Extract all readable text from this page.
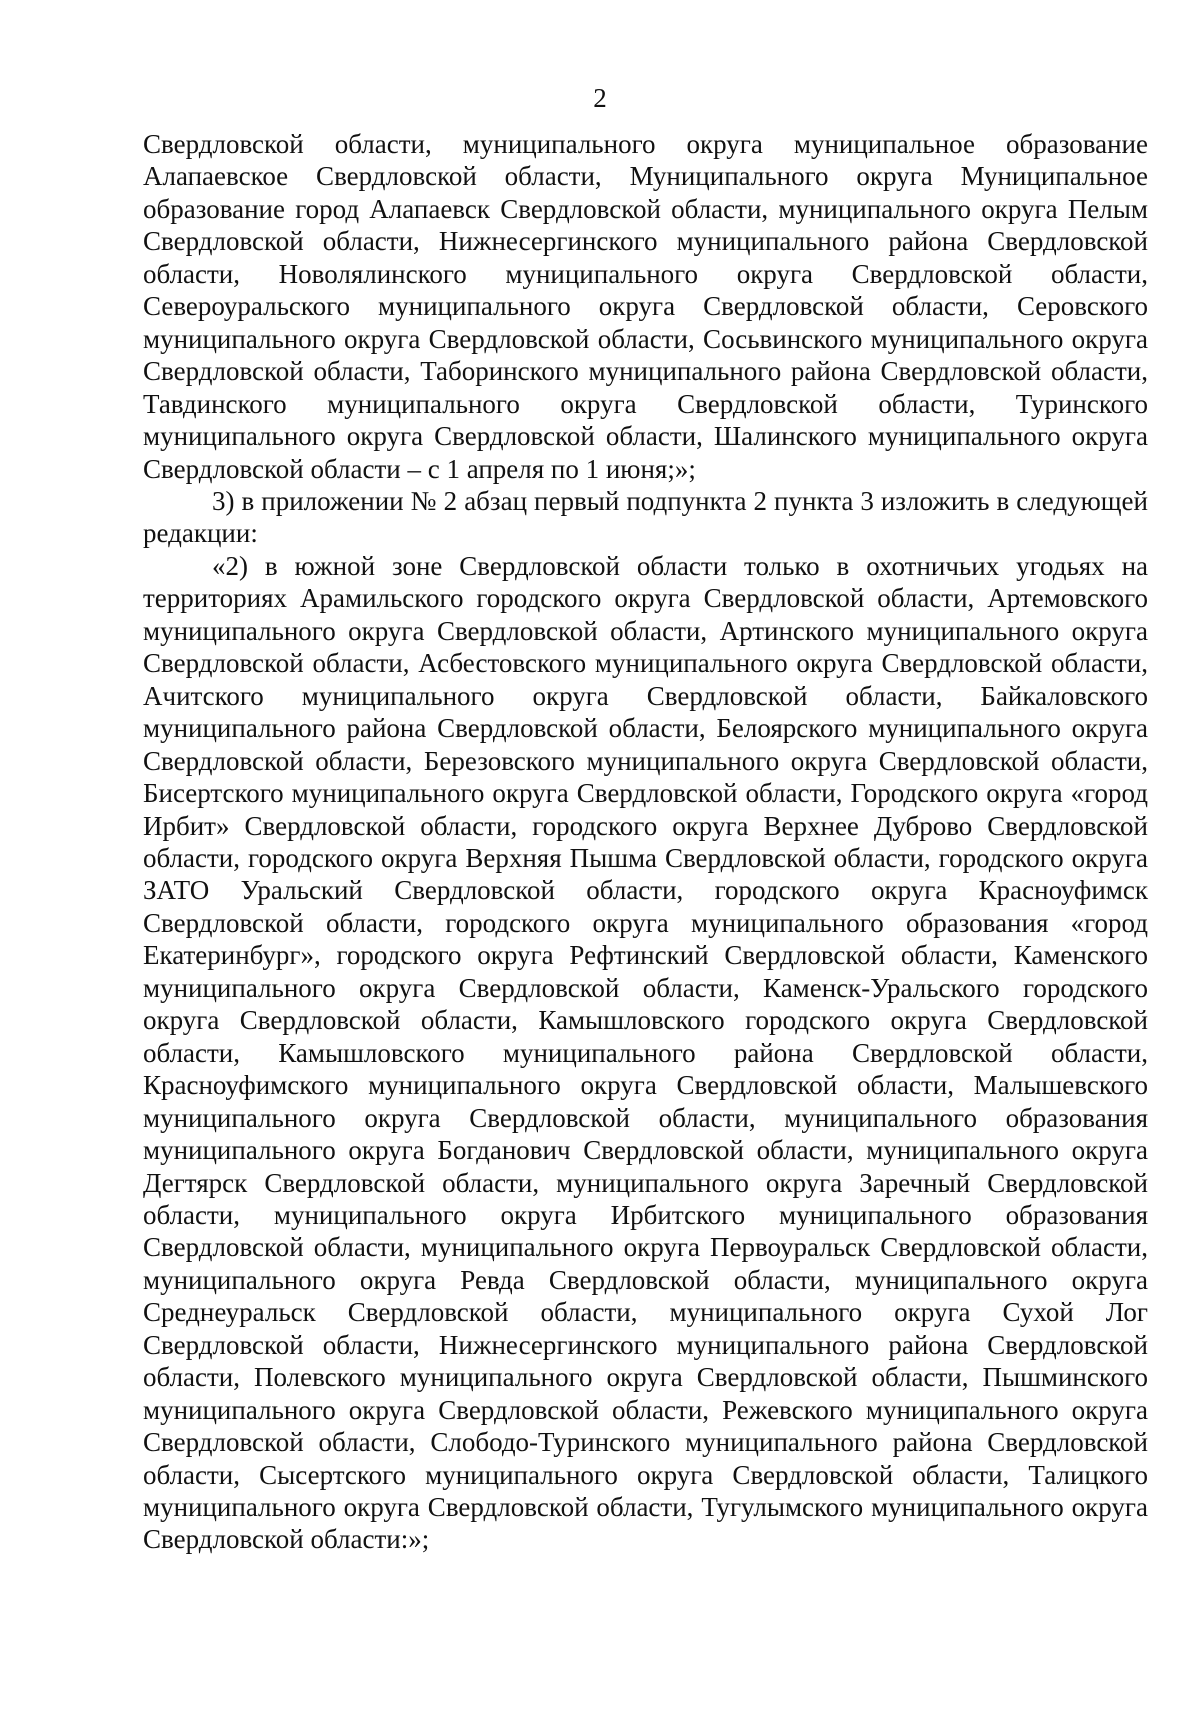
2

Свердловской области, муниципального округа муниципальное образование Алапаевское Свердловской области, Муниципального округа Муниципальное образование город Алапаевск Свердловской области, муниципального округа Пелым Свердловской области, Нижнесергинского муниципального района Свердловской области, Новолялинского муниципального округа Свердловской области, Североуральского муниципального округа Свердловской области, Серовского муниципального округа Свердловской области, Сосьвинского муниципального округа Свердловской области, Таборинского муниципального района Свердловской области, Тавдинского муниципального округа Свердловской области, Туринского муниципального округа Свердловской области, Шалинского муниципального округа Свердловской области – с 1 апреля по 1 июня;»;

3) в приложении № 2 абзац первый подпункта 2 пункта 3 изложить в следующей редакции:

«2) в южной зоне Свердловской области только в охотничьих угодьях на территориях Арамильского городского округа Свердловской области, Артемовского муниципального округа Свердловской области, Артинского муниципального округа Свердловской области, Асбестовского муниципального округа Свердловской области, Ачитского муниципального округа Свердловской области, Байкаловского муниципального района Свердловской области, Белоярского муниципального округа Свердловской области, Березовского муниципального округа Свердловской области, Бисертского муниципального округа Свердловской области, Городского округа «город Ирбит» Свердловской области, городского округа Верхнее Дуброво Свердловской области, городского округа Верхняя Пышма Свердловской области, городского округа ЗАТО Уральский Свердловской области, городского округа Красноуфимск Свердловской области, городского округа муниципального образования «город Екатеринбург», городского округа Рефтинский Свердловской области, Каменского муниципального округа Свердловской области, Каменск-Уральского городского округа Свердловской области, Камышловского городского округа Свердловской области, Камышловского муниципального района Свердловской области, Красноуфимского муниципального округа Свердловской области, Малышевского муниципального округа Свердловской области, муниципального образования муниципального округа Богданович Свердловской области, муниципального округа Дегтярск Свердловской области, муниципального округа Заречный Свердловской области, муниципального округа Ирбитского муниципального образования Свердловской области, муниципального округа Первоуральск Свердловской области, муниципального округа Ревда Свердловской области, муниципального округа Среднеуральск Свердловской области, муниципального округа Сухой Лог Свердловской области, Нижнесергинского муниципального района Свердловской области, Полевского муниципального округа Свердловской области, Пышминского муниципального округа Свердловской области, Режевского муниципального округа Свердловской области, Слободо-Туринского муниципального района Свердловской области, Сысертского муниципального округа Свердловской области, Талицкого муниципального округа Свердловской области, Тугулымского муниципального округа Свердловской области:»;
